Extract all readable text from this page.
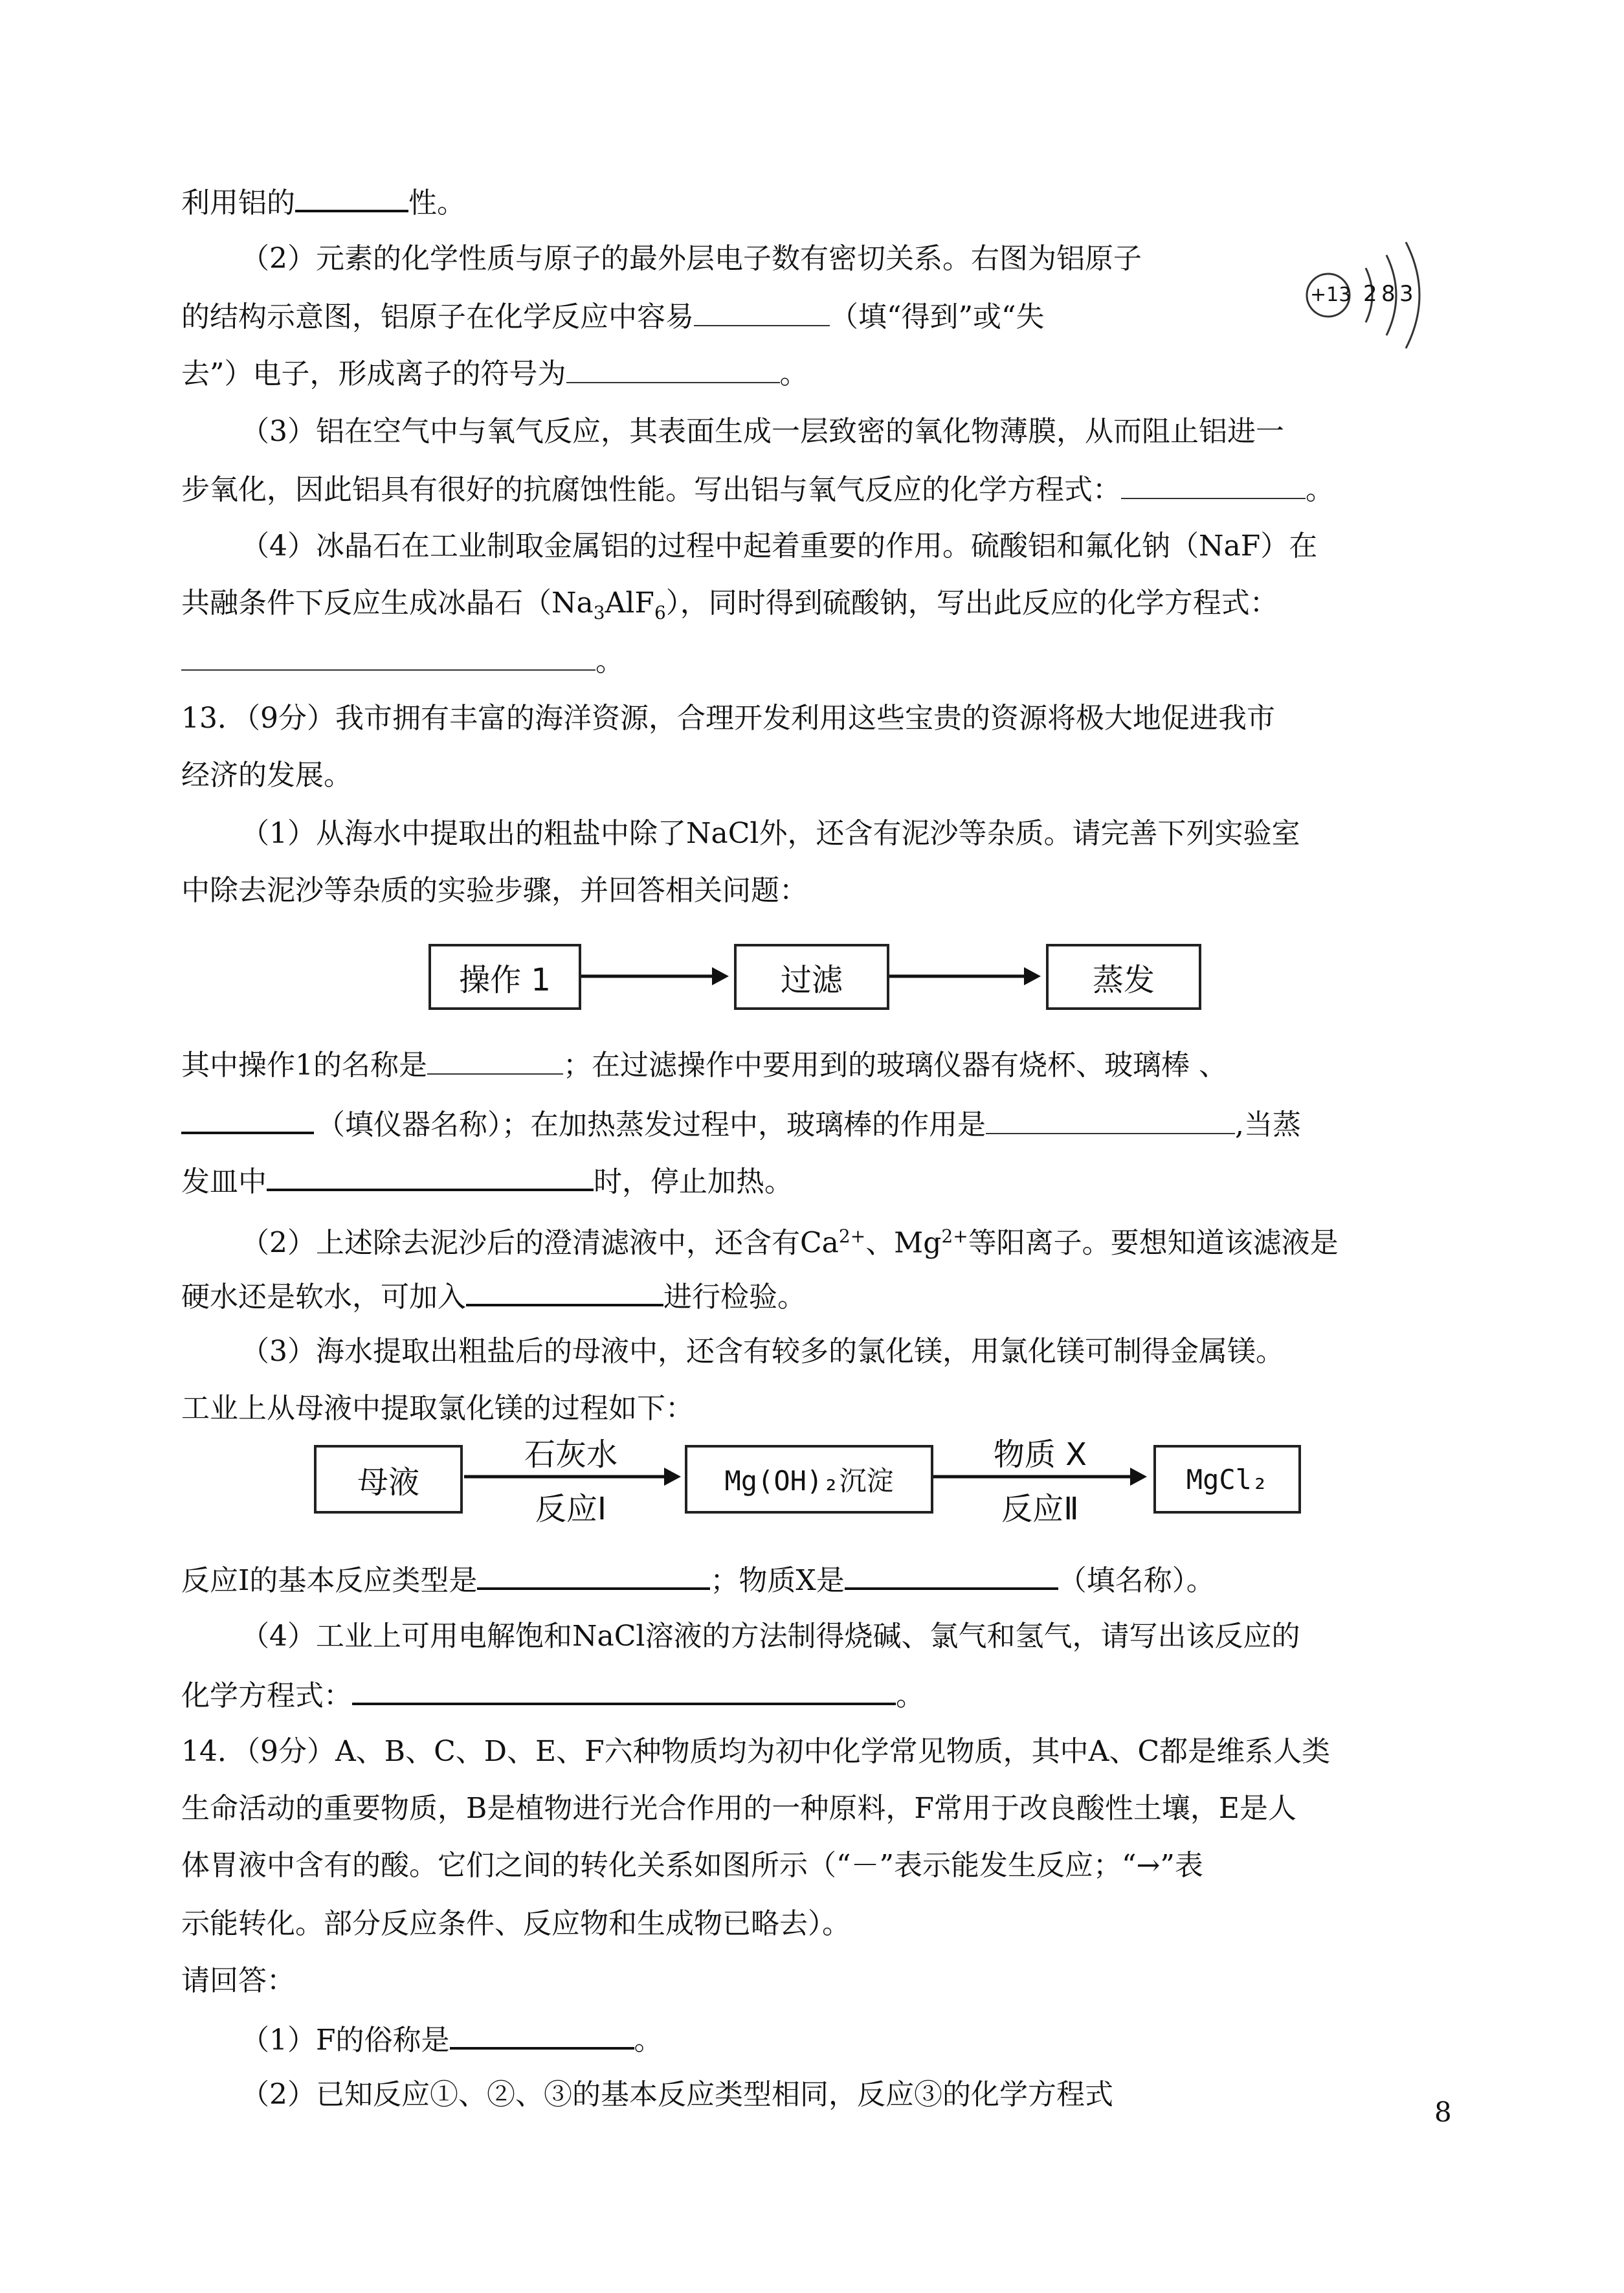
利用铝的	性。
（2）元素的化学性质与原子的最外层电子数有密切关系。右图为铝原子
的结构示意图，铝原子在化学反应中容易	（填“得到”或“失
去”）电子，形成离子的符号为	。
+13 2 8 3
（3）铝在空气中与氧气反应，其表面生成一层致密的氧化物薄膜，从而阻止铝进一
步氧化，因此铝具有很好的抗腐蚀性能。写出铝与氧气反应的化学方程式：	。
（4）冰晶石在工业制取金属铝的过程中起着重要的作用。硫酸铝和氟化钠（NaF）在
共融条件下反应生成冰晶石$(Na_3AlF_6)$，同时得到硫酸钠，写出此反应的化学方程式：
。
13．（9分）我市拥有丰富的海洋资源，合理开发利用这些宝贵的资源将极大地促进我市
经济的发展。
（1）从海水中提取出的粗盐中除了NaCl外，还含有泥沙等杂质。请完善下列实验室
中除去泥沙等杂质的实验步骤，并回答相关问题：
操作 1	过滤	蒸发
其中操作1的名称是	；在过滤操作中要用到的玻璃仪器有烧杯、玻璃棒 、
（填仪器名称）；在加热蒸发过程中，玻璃棒的作用是	,当蒸
发皿中	时，停止加热。
（2）上述除去泥沙后的澄清滤液中，还含有$Ca^{2+}$、$Mg^{2+}$等阳离子。要想知道该滤液是
硬水还是软水，可加入	进行检验。
（3）海水提取出粗盐后的母液中，还含有较多的氯化镁，用氯化镁可制得金属镁。
工业上从母液中提取氯化镁的过程如下：
母液	Mg(OH)₂沉淀	MgCl₂
石灰水
反应Ⅰ
物质 X
反应Ⅱ
反应Ⅰ的基本反应类型是	；物质X是	（填名称）。
（4）工业上可用电解饱和NaCl溶液的方法制得烧碱、氯气和氢气，请写出该反应的
化学方程式：	。
14．（9分）A、B、C、D、E、F六种物质均为初中化学常见物质，其中A、C都是维系人类
生命活动的重要物质，B是植物进行光合作用的一种原料，F常用于改良酸性土壤，E是人
体胃液中含有的酸。它们之间的转化关系如图所示（“－”表示能发生反应；“→”表
示能转化。部分反应条件、反应物和生成物已略去）。
请回答：
（1）F的俗称是	。
（2）已知反应①、②、③的基本反应类型相同，反应③的化学方程式
8
